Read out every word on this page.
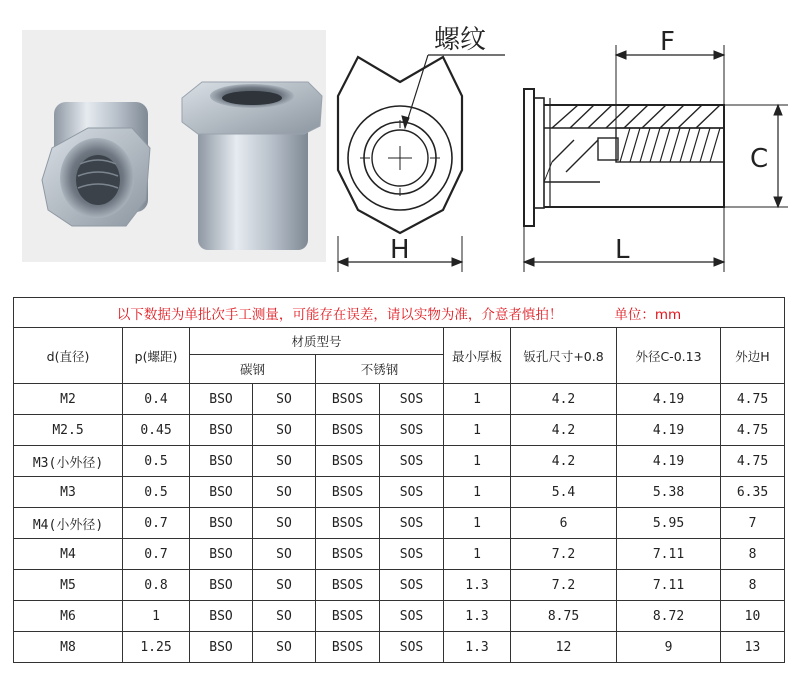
螺纹
H
F
C
L
以下数据为单批次手工测量，可能存在误差，请以实物为准，介意者慎拍！ 单位：mm									
d(直径)	p(螺距)	材质型号				最小厚板	钣孔尺寸+0.8	外径C-0.13	外边H
		碳钢		不锈钢					
M2	0.4	BSO	SO	BSOS	SOS	1	4.2	4.19	4.75
M2.5	0.45	BSO	SO	BSOS	SOS	1	4.2	4.19	4.75
M3(小外径)	0.5	BSO	SO	BSOS	SOS	1	4.2	4.19	4.75
M3	0.5	BSO	SO	BSOS	SOS	1	5.4	5.38	6.35
M4(小外径)	0.7	BSO	SO	BSOS	SOS	1	6	5.95	7
M4	0.7	BSO	SO	BSOS	SOS	1	7.2	7.11	8
M5	0.8	BSO	SO	BSOS	SOS	1.3	7.2	7.11	8
M6	1	BSO	SO	BSOS	SOS	1.3	8.75	8.72	10
M8	1.25	BSO	SO	BSOS	SOS	1.3	12	9	13
